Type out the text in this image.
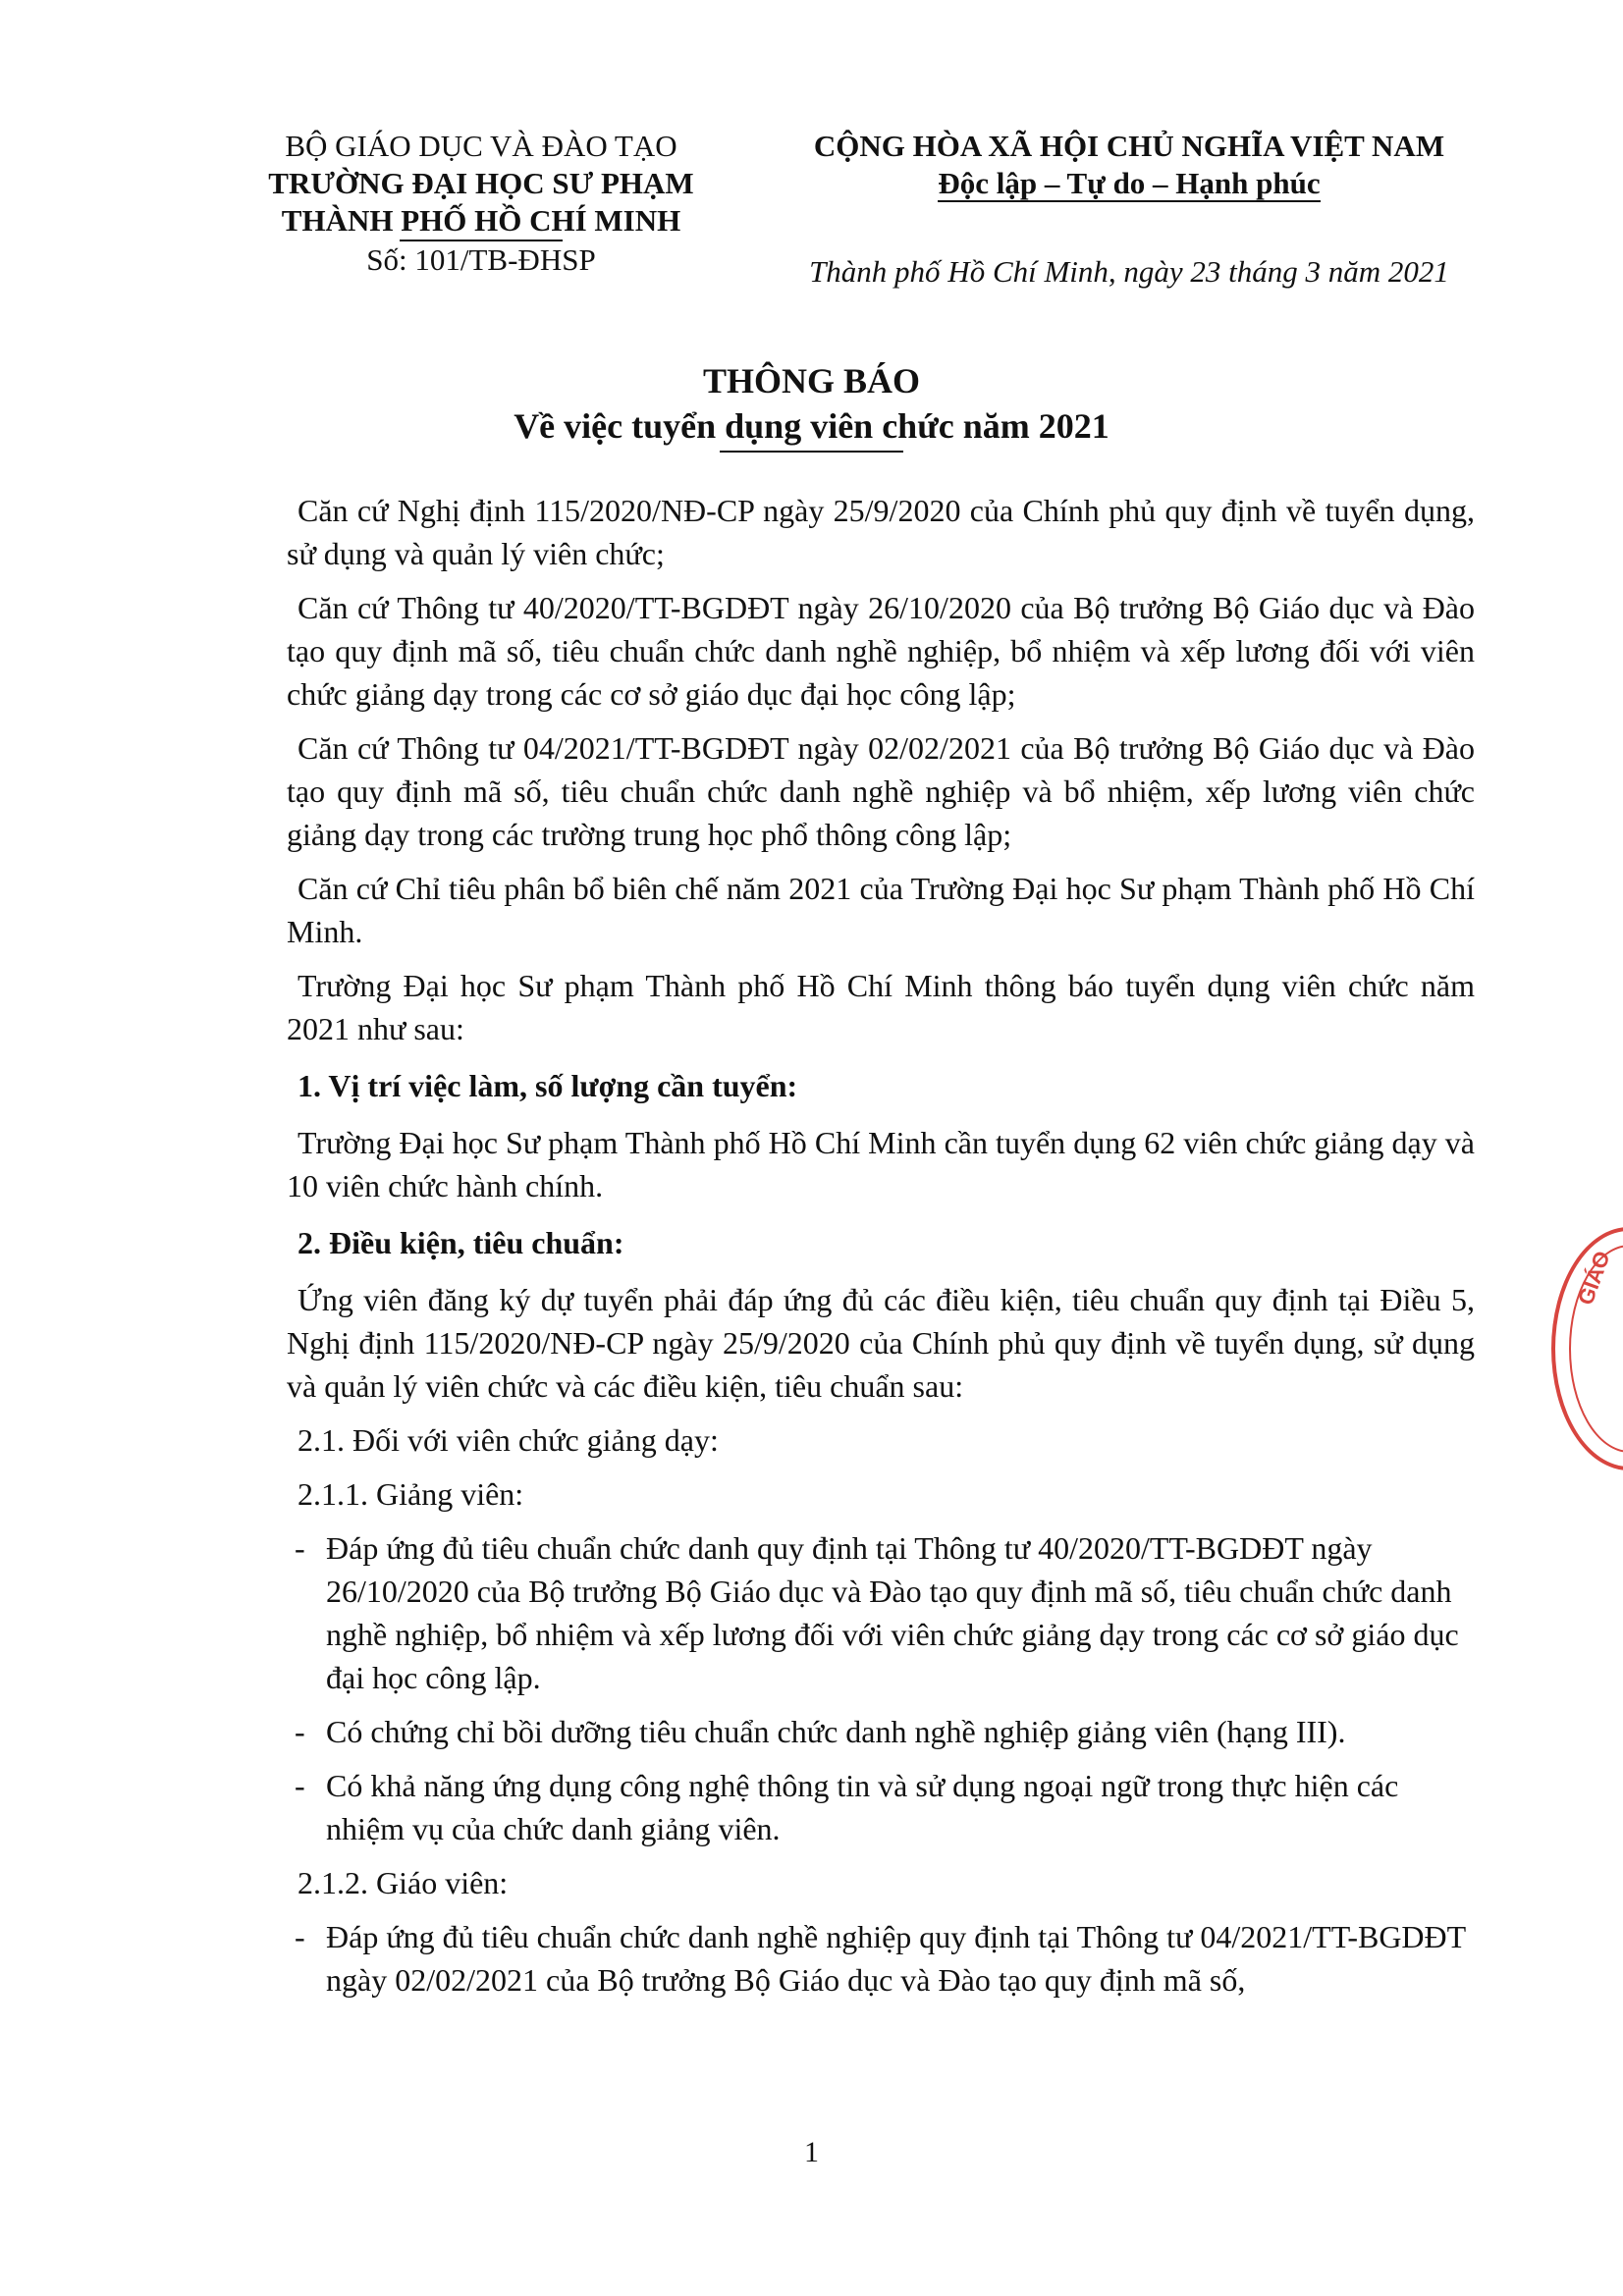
BỘ GIÁO DỤC VÀ ĐÀO TẠO
TRƯỜNG ĐẠI HỌC SƯ PHẠM
THÀNH PHỐ HỒ CHÍ MINH
Số: 101/TB-ĐHSP
CỘNG HÒA XÃ HỘI CHỦ NGHĨA VIỆT NAM
Độc lập – Tự do – Hạnh phúc
Thành phố Hồ Chí Minh, ngày 23 tháng 3 năm 2021
THÔNG BÁO
Về việc tuyển dụng viên chức năm 2021

Căn cứ Nghị định 115/2020/NĐ-CP ngày 25/9/2020 của Chính phủ quy định về tuyển dụng, sử dụng và quản lý viên chức;

Căn cứ Thông tư 40/2020/TT-BGDĐT ngày 26/10/2020 của Bộ trưởng Bộ Giáo dục và Đào tạo quy định mã số, tiêu chuẩn chức danh nghề nghiệp, bổ nhiệm và xếp lương đối với viên chức giảng dạy trong các cơ sở giáo dục đại học công lập;

Căn cứ Thông tư 04/2021/TT-BGDĐT ngày 02/02/2021 của Bộ trưởng Bộ Giáo dục và Đào tạo quy định mã số, tiêu chuẩn chức danh nghề nghiệp và bổ nhiệm, xếp lương viên chức giảng dạy trong các trường trung học phổ thông công lập;

Căn cứ Chỉ tiêu phân bổ biên chế năm 2021 của Trường Đại học Sư phạm Thành phố Hồ Chí Minh.

Trường Đại học Sư phạm Thành phố Hồ Chí Minh thông báo tuyển dụng viên chức năm 2021 như sau:

1. Vị trí việc làm, số lượng cần tuyển:

Trường Đại học Sư phạm Thành phố Hồ Chí Minh cần tuyển dụng 62 viên chức giảng dạy và 10 viên chức hành chính.

2. Điều kiện, tiêu chuẩn:

Ứng viên đăng ký dự tuyển phải đáp ứng đủ các điều kiện, tiêu chuẩn quy định tại Điều 5, Nghị định 115/2020/NĐ-CP ngày 25/9/2020 của Chính phủ quy định về tuyển dụng, sử dụng và quản lý viên chức và các điều kiện, tiêu chuẩn sau:

2.1. Đối với viên chức giảng dạy:

2.1.1. Giảng viên:

- Đáp ứng đủ tiêu chuẩn chức danh quy định tại Thông tư 40/2020/TT-BGDĐT ngày 26/10/2020 của Bộ trưởng Bộ Giáo dục và Đào tạo quy định mã số, tiêu chuẩn chức danh nghề nghiệp, bổ nhiệm và xếp lương đối với viên chức giảng dạy trong các cơ sở giáo dục đại học công lập.
- Có chứng chỉ bồi dưỡng tiêu chuẩn chức danh nghề nghiệp giảng viên (hạng III).
- Có khả năng ứng dụng công nghệ thông tin và sử dụng ngoại ngữ trong thực hiện các nhiệm vụ của chức danh giảng viên.

2.1.2. Giáo viên:

- Đáp ứng đủ tiêu chuẩn chức danh nghề nghiệp quy định tại Thông tư 04/2021/TT-BGDĐT ngày 02/02/2021 của Bộ trưởng Bộ Giáo dục và Đào tạo quy định mã số,
1
GIÁO
